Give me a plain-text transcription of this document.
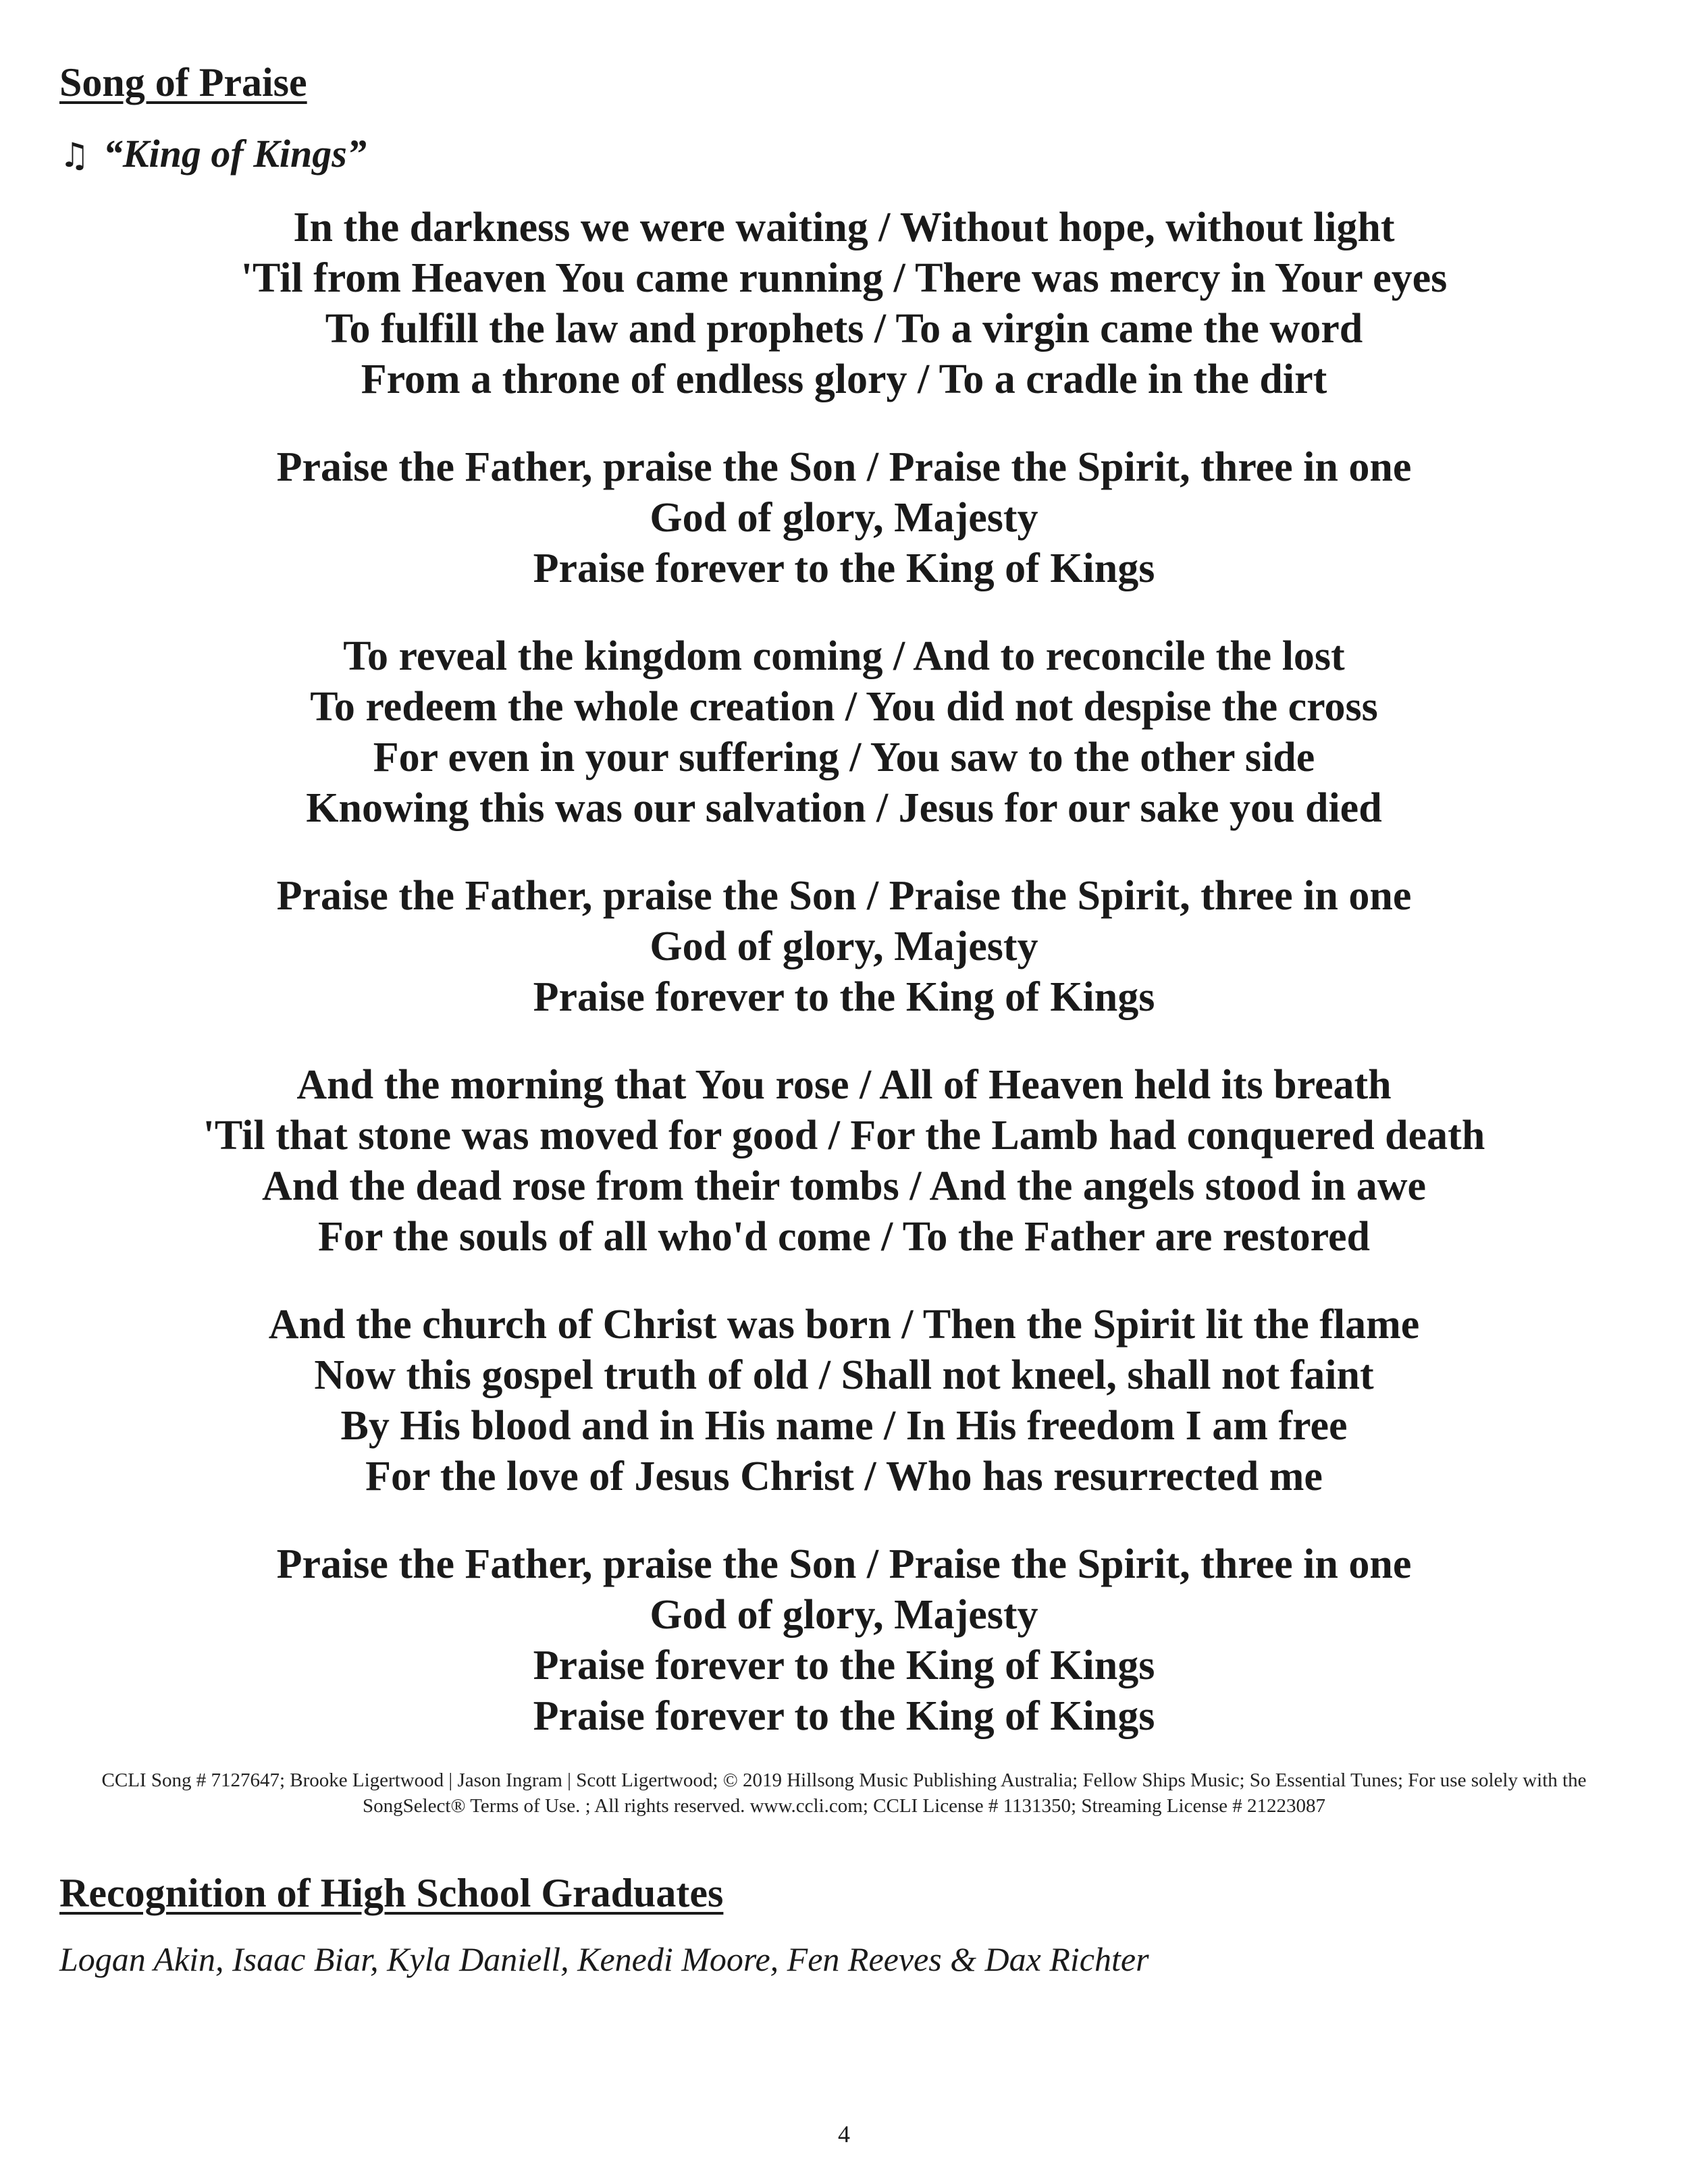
Song of Praise

♫ “King of Kings”

In the darkness we were waiting / Without hope, without light
'Til from Heaven You came running / There was mercy in Your eyes
To fulfill the law and prophets / To a virgin came the word
From a throne of endless glory / To a cradle in the dirt

Praise the Father, praise the Son / Praise the Spirit, three in one
God of glory, Majesty
Praise forever to the King of Kings

To reveal the kingdom coming / And to reconcile the lost
To redeem the whole creation / You did not despise the cross
For even in your suffering / You saw to the other side
Knowing this was our salvation / Jesus for our sake you died

Praise the Father, praise the Son / Praise the Spirit, three in one
God of glory, Majesty
Praise forever to the King of Kings

And the morning that You rose / All of Heaven held its breath
'Til that stone was moved for good / For the Lamb had conquered death
And the dead rose from their tombs / And the angels stood in awe
For the souls of all who'd come / To the Father are restored

And the church of Christ was born / Then the Spirit lit the flame
Now this gospel truth of old / Shall not kneel, shall not faint
By His blood and in His name / In His freedom I am free
For the love of Jesus Christ / Who has resurrected me

Praise the Father, praise the Son / Praise the Spirit, three in one
God of glory, Majesty
Praise forever to the King of Kings
Praise forever to the King of Kings

CCLI Song # 7127647; Brooke Ligertwood | Jason Ingram | Scott Ligertwood; © 2019 Hillsong Music Publishing Australia; Fellow Ships Music; So Essential Tunes; For use solely with the SongSelect® Terms of Use. ; All rights reserved. www.ccli.com; CCLI License # 1131350; Streaming License # 21223087
Recognition of High School Graduates

Logan Akin, Isaac Biar, Kyla Daniell, Kenedi Moore, Fen Reeves & Dax Richter

4
